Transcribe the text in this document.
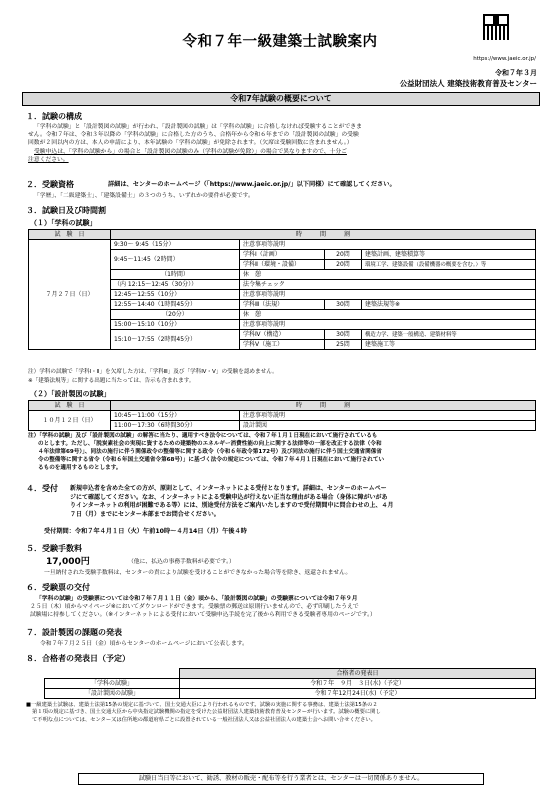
令和７年一級建築士試験案内
https://www.jaeic.or.jp/
令和７年３月
公益財団法人 建築技術教育普及センター
令和7年試験の概要について
１．試験の構成
「学科の試験」と「設計製図の試験」が行われ、「設計製図の試験」は「学科の試験」に合格しなければ受験することができま
せん。令和７年は、令和３年以降の「学科の試験」に合格した方のうち、合格年から令和６年までの「設計製図の試験」の受験
回数が２回以内の方は、本人の申請により、本年試験の「学科の試験」が免除されます。（欠席は受験回数に含まれません。）
受験申込は、「学科の試験から」の場合と「設計製図の試験のみ（学科の試験が免除）」の場合で異なりますので、十分ご
注意ください。
２．受験資格	詳細は、センターのホームページ（「https://www.jaeic.or.jp/」以下同様）にて確認してください。
「学歴」、「二級建築士」、「建築設備士」の３つのうち、いずれかの要件が必要です。
３．試験日及び時間割
（１）「学科の試験」
試　験　日	時　　　間　　　割			
７月２７日（日）	9:30～ 9:45（15分）	注意事項等説明		
	9:45～11:45（2時間）	学科Ⅰ（計画）	20問	建築計画、建築積算等
		学科Ⅱ（環境・設備）	20問	環境工学、建築設備（設備機器の概要を含む。）等
	（1時間）	休　憩		
	（内 12:15～12:45（30分））	法令集チェック		
	12:45～12:55（10分）	注意事項等説明		
	12:55～14:40（1時間45分）	学科Ⅲ（法規）	30問	建築法規等※
	（20分）	休　憩		
	15:00～15:10（10分）	注意事項等説明		
	15:10～17:55（2時間45分）	学科Ⅳ（構造）	30問	構造力学、建築一般構造、建築材料等
		学科Ⅴ（施工）	25問	建築施工等
注）学科の試験で「学科Ⅰ・Ⅱ」を欠席した方は、「学科Ⅲ」及び「学科Ⅳ・Ⅴ」の受験を認めません。
※「建築法規等」に関する出題に当たっては、告示も含まれます。
（２）「設計製図の試験」
試　験　日	時　　　間　　　割	
１０月１２日（日）	10:45～11:00（15分）	注意事項等説明
	11:00～17:30（6時間30分）	設計製図
注）「学科の試験」及び「設計製図の試験」の解答に当たり、適用すべき法令については、令和７年１月１日現在において施行されているも
のとします。ただし、「脱炭素社会の実現に資するための建築物のエネルギー消費性能の向上に関する法律等の一部を改正する法律（令和
４年法律第69号）」、同法の施行に伴う関係政令の整備等に関する政令（令和６年政令第172号）及び同法の施行に伴う国土交通省関係省
令の整備等に関する省令（令和６年国土交通省令第68号）」に基づく法令の規定については、令和７年４月１日現在において施行されてい
るものを適用するものとします。
４．受付 新規申込者を含めた全ての方が、原則として、インターネットによる受付となります。詳細は、センターのホームペー
ジにて確認してください。なお、インターネットによる受験申込が行えない正当な理由がある場合（身体に障がいがあ
りインターネットの利用が困難である等）には、別途受付方法をご案内いたしますので受付期間中に問合わせの上、４月
７日（月）までにセンター本部までお問合せください。
受付期間：令和７年４月１日（火）午前10時～４月14日（月）午後４時
５．受験手数料
17,000円	（他に、払込の事務手数料が必要です。）
一旦納付された受験手数料は、センターの責により試験を受けることができなかった場合等を除き、返還されません。
６．受験票の交付
「学科の試験」の受験票については令和７年７月１１日（金）頃から、「設計製図の試験」の受験票については令和７年９月
２５日（木）頃からマイページ※においてダウンロードができます。受験票の郵送は原則行いませんので、必ず印刷したうえで
試験場に持参してください。（※インターネットによる受付において受験申込手続を完了後から利用できる受験者専用のページです。）
７．設計製図の課題の発表
令和７年７月２５日（金）頃からセンターのホームページにおいて公表します。
８．合格者の発表日（予定）
	合格者の発表日
「学科の試験」	令和７年　９月　３日(水)（予定）
「設計製図の試験」	令和７年12月24日(水)（予定）
■一級建築士試験は、建築士法第15条の規定に基づいて、国土交通大臣により行われるものです。試験の実施に関する事務は、建築士法第15条の２
第１項の規定に基づき、国土交通大臣から中央指定試験機関の指定を受けた公益財団法人建築技術教育普及センターが行います。試験の概要に関し
て不明な点については、センター又は住所地の都道府県ごとに設置されている一般社団法人又は公益社団法人の建築士会へお問い合せください。
試験日当日等において、勧誘、教材の販売・配布等を行う業者とは、センターは一切関係ありません。
